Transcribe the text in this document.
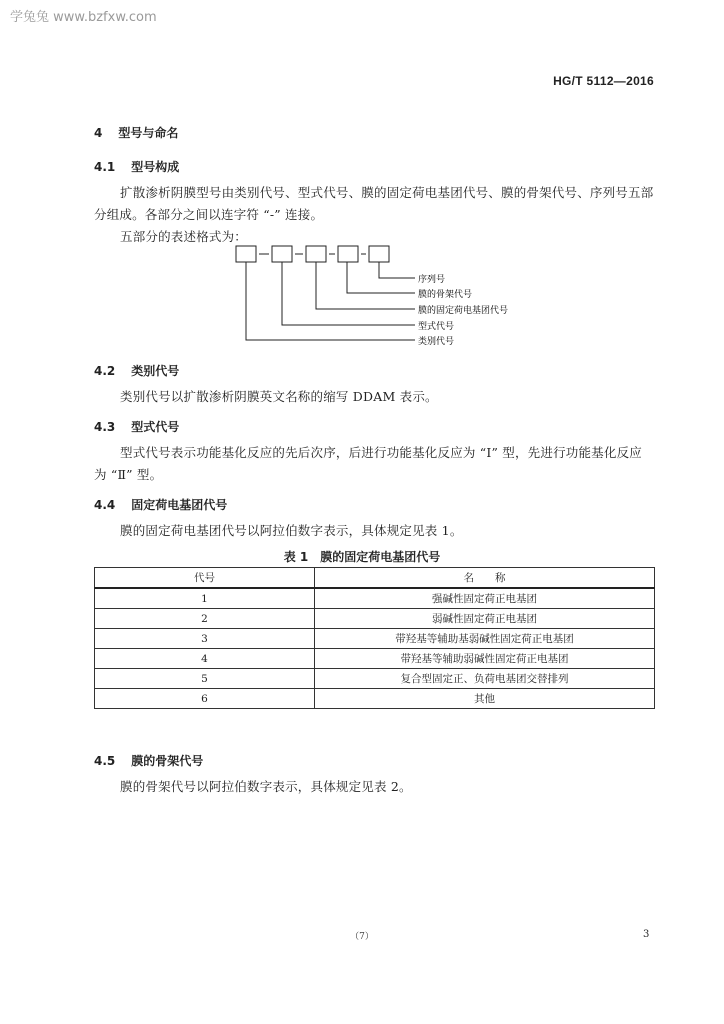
学兔兔 www.bzfxw.com
HG/T 5112—2016
4 型号与命名
4.1 型号构成
扩散渗析阴膜型号由类别代号、型式代号、膜的固定荷电基团代号、膜的骨架代号、序列号五部
分组成。各部分之间以连字符 “-” 连接。
五部分的表述格式为：
序列号
膜的骨架代号
膜的固定荷电基团代号
型式代号
类别代号
4.2 类别代号
类别代号以扩散渗析阴膜英文名称的缩写 DDAM 表示。
4.3 型式代号
型式代号表示功能基化反应的先后次序，后进行功能基化反应为 “Ⅰ” 型，先进行功能基化反应
为 “Ⅱ” 型。
4.4 固定荷电基团代号
膜的固定荷电基团代号以阿拉伯数字表示，具体规定见表 1。
表 1　膜的固定荷电基团代号
代号	名　　称
1	强碱性固定荷正电基团
2	弱碱性固定荷正电基团
3	带羟基等辅助基弱碱性固定荷正电基团
4	带羟基等辅助弱碱性固定荷正电基团
5	复合型固定正、负荷电基团交替排列
6	其他
4.5 膜的骨架代号
膜的骨架代号以阿拉伯数字表示，具体规定见表 2。
（7）	3
